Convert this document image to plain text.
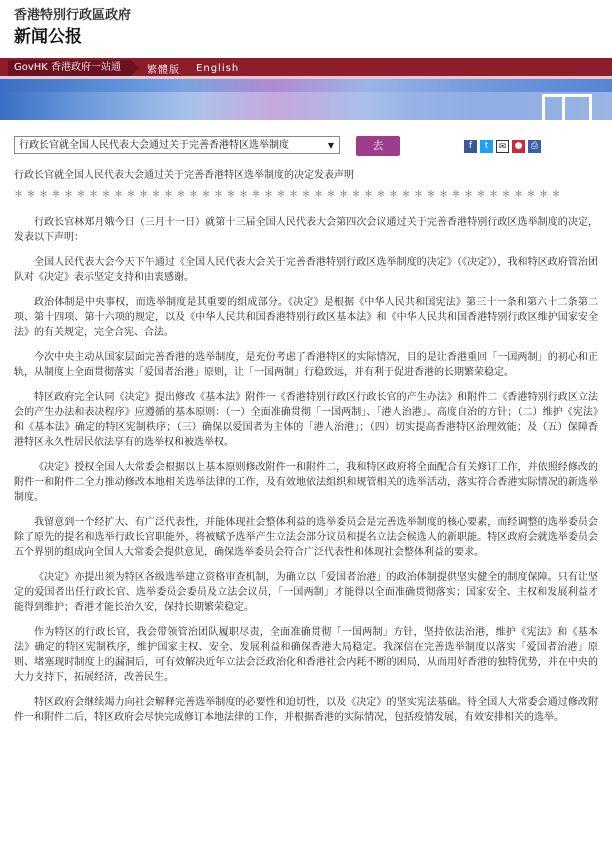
香港特別行政區政府
新闻公报
GovHK 香港政府一站通	繁體版	English
行政长官就全国人民代表大会通过关于完善香港特区选举制度	▼	去	f	t	✉ ● ⎙

行政长官就全国人民代表大会通过关于完善香港特区选举制度的决定发表声明

＊＊＊＊＊＊＊＊＊＊＊＊＊＊＊＊＊＊＊＊＊＊＊＊＊＊＊＊＊＊＊＊＊＊＊＊＊＊＊＊＊＊＊＊

行政长官林郑月娥今日（三月十一日）就第十三届全国人民代表大会第四次会议通过关于完善香港特别行政区选举制度的决定，发表以下声明：

全国人民代表大会今天下午通过《全国人民代表大会关于完善香港特别行政区选举制度的决定》（《决定》），我和特区政府管治团队对《决定》表示坚定支持和由衷感谢。

政治体制是中央事权，而选举制度是其重要的组成部分。《决定》是根据《中华人民共和国宪法》第三十一条和第六十二条第二项、第十四项、第十六项的规定，以及《中华人民共和国香港特别行政区基本法》和《中华人民共和国香港特别行政区维护国家安全法》的有关规定，完全合宪、合法。

今次中央主动从国家层面完善香港的选举制度，是充份考虑了香港特区的实际情况，目的是让香港重回「一国两制」的初心和正轨，从制度上全面贯彻落实「爱国者治港」原则，让「一国两制」行稳致远，并有利于促进香港的长期繁荣稳定。

特区政府完全认同《决定》提出修改《基本法》附件一《香港特别行政区行政长官的产生办法》和附件二《香港特别行政区立法会的产生办法和表决程序》应遵循的基本原则：（一）全面准确贯彻「一国两制」、「港人治港」、高度自治的方针；（二）维护《宪法》和《基本法》确定的特区宪制秩序；（三）确保以爱国者为主体的「港人治港」；（四）切实提高香港特区治理效能；及（五）保障香港特区永久性居民依法享有的选举权和被选举权。

《决定》授权全国人大常委会根据以上基本原则修改附件一和附件二，我和特区政府将全面配合有关修订工作，并依照经修改的附件一和附件二全力推动修改本地相关选举法律的工作，及有效地依法组织和规管相关的选举活动，落实符合香港实际情况的新选举制度。

我留意到一个经扩大、有广泛代表性，并能体现社会整体利益的选举委员会是完善选举制度的核心要素，而经调整的选举委员会除了原先的提名和选举行政长官职能外，将被赋予选举产生立法会部分议员和提名立法会候选人的新职能。特区政府会就选举委员会五个界别的组成向全国人大常委会提供意见，确保选举委员会符合广泛代表性和体现社会整体利益的要求。

《决定》亦提出须为特区各级选举建立资格审查机制，为确立以「爱国者治港」的政治体制提供坚实健全的制度保障。只有让坚定的爱国者出任行政长官、选举委员会委员及立法会议员，「一国两制」才能得以全面准确贯彻落实；国家安全、主权和发展利益才能得到维护；香港才能长治久安，保持长期繁荣稳定。

作为特区的行政长官，我会带领管治团队履职尽责，全面准确贯彻「一国两制」方针，坚持依法治港，维护《宪法》和《基本法》确定的特区宪制秩序，维护国家主权、安全、发展利益和确保香港大局稳定。我深信在完善选举制度以落实「爱国者治港」原则、堵塞现时制度上的漏洞后，可有效解决近年立法会泛政治化和香港社会内耗不断的困局，从而用好香港的独特优势，并在中央的大力支持下，拓展经济，改善民生。

特区政府会继续竭力向社会解释完善选举制度的必要性和迫切性，以及《决定》的坚实宪法基础。待全国人大常委会通过修改附件一和附件二后，特区政府会尽快完成修订本地法律的工作，并根据香港的实际情况，包括疫情发展，有效安排相关的选举。
